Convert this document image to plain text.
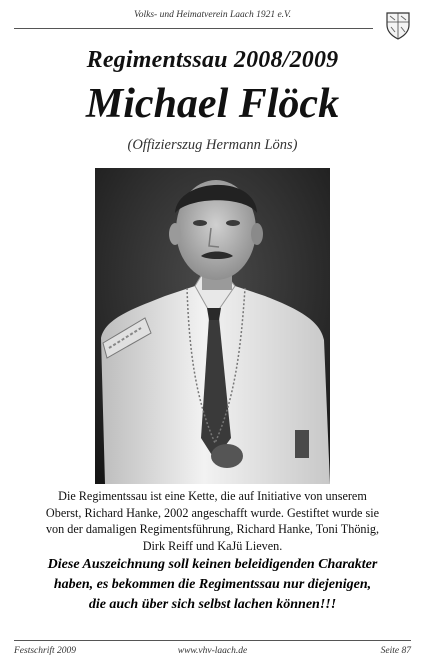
Volks- und Heimatverein Laach 1921 e.V.
Regimentssau 2008/2009
Michael Flöck
(Offizierszug Hermann Löns)
Die Regimentssau ist eine Kette, die auf Initiative von unserem
Oberst, Richard Hanke, 2002 angeschafft wurde. Gestiftet wurde sie
von der damaligen Regimentsführung, Richard Hanke, Toni Thönig,
Dirk Reiff und KaJü Lieven.
Diese Auszeichnung soll keinen beleidigenden Charakter
haben, es bekommen die Regimentssau nur diejenigen,
die auch über sich selbst lachen können!!!
Festschrift 2009	www.vhv-laach.de	Seite 87
